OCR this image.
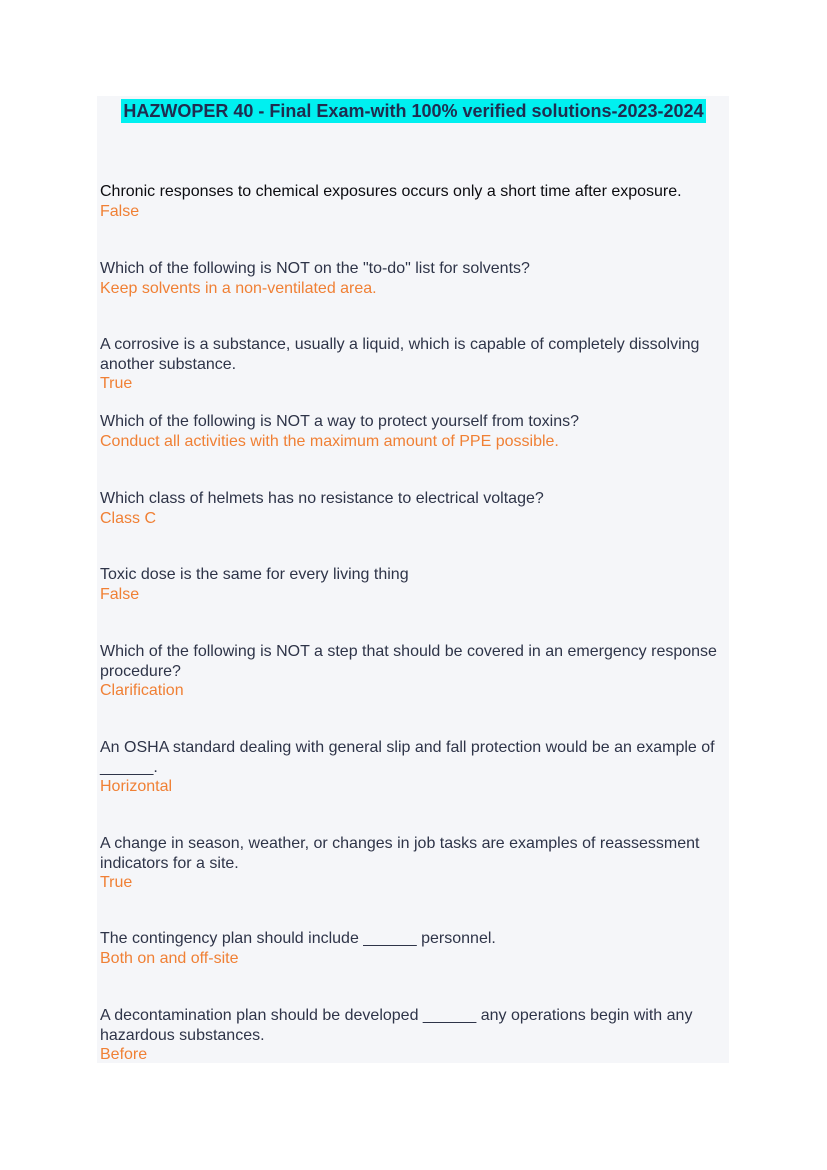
HAZWOPER 40 - Final Exam-with 100% verified solutions-2023-2024

Chronic responses to chemical exposures occurs only a short time after exposure.

False

Which of the following is NOT on the "to-do" list for solvents?

Keep solvents in a non-ventilated area.

A corrosive is a substance, usually a liquid, which is capable of completely dissolving another substance.

True

Which of the following is NOT a way to protect yourself from toxins?

Conduct all activities with the maximum amount of PPE possible.

Which class of helmets has no resistance to electrical voltage?

Class C

Toxic dose is the same for every living thing

False

Which of the following is NOT a step that should be covered in an emergency response procedure?

Clarification

An OSHA standard dealing with general slip and fall protection would be an example of ______.

Horizontal

A change in season, weather, or changes in job tasks are examples of reassessment indicators for a site.

True

The contingency plan should include ______ personnel.

Both on and off-site

A decontamination plan should be developed ______ any operations begin with any hazardous substances.

Before
